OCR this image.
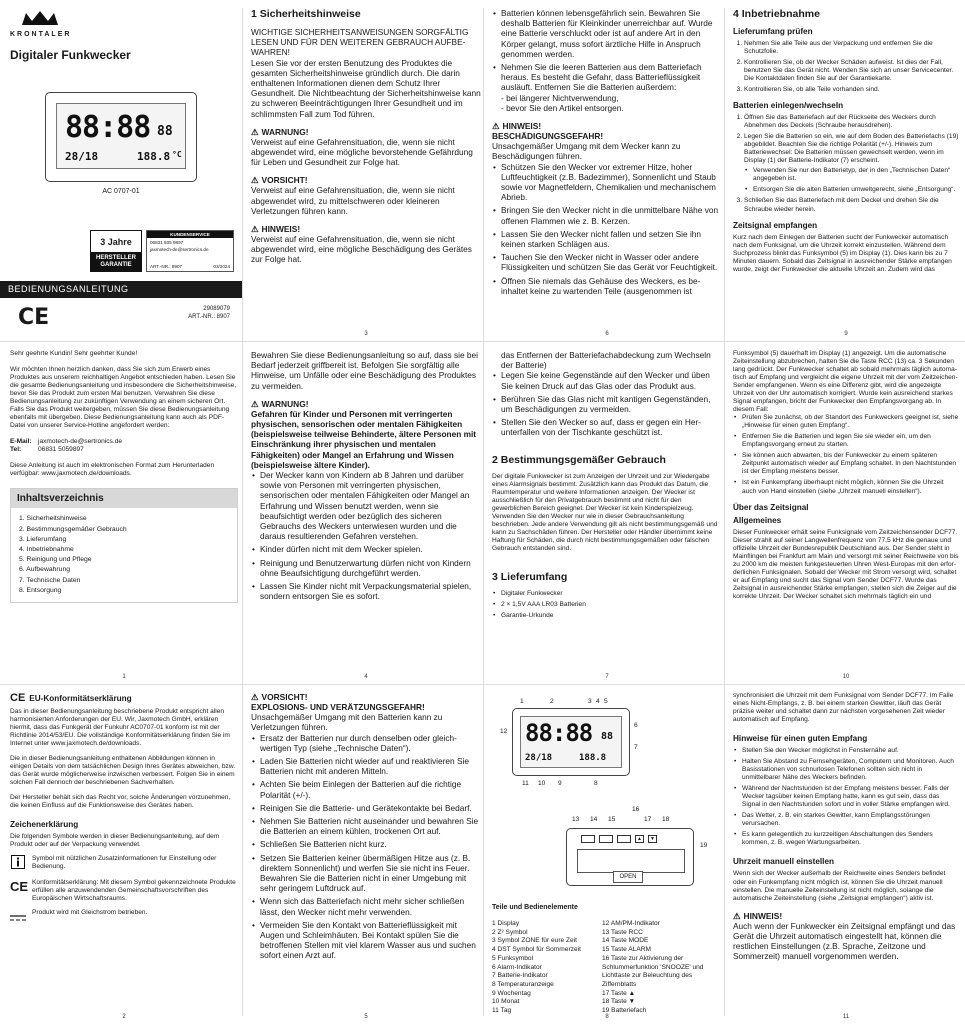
KRONTALER
Digitaler Funkwecker
88:88 88
28/18	188.8 °C
AC 0707-01
3 Jahre
HERSTELLER GARANTIE
KUNDENSERVICE
06831 505 9897
jaxmotech-de@sertronics.de
ART.-NR.: 8907	03/2024
BEDIENUNGSANLEITUNG
CE	29089079
ART.-NR.: 8907
1 Sicherheitshinweise
WICHTIGE SICHERHEITSANWEISUNGEN SORGFÄLTIG LESEN UND FÜR DEN WEITEREN GEBRAUCH AUFBEWAHREN!
Lesen Sie vor der ersten Benutzung des Produktes die gesamten Sicherheitshinweise gründlich durch. Die darin enthaltenen Informationen dienen dem Schutz Ihrer Gesundheit. Die Nichtbeachtung der Sicherheitshinweise kann zu schweren Beeinträchtigungen Ihrer Gesundheit und im schlimmsten Fall zum Tod führen.
⚠ WARNUNG!
Verweist auf eine Gefahrensituation, die, wenn sie nicht abgewendet wird, eine mögliche bevorstehende Gefährdung für Leben und Gesundheit zur Folge hat.
⚠ VORSICHT!
Verweist auf eine Gefahrensituation, die, wenn sie nicht abgewendet wird, zu mittelschweren oder kleineren Verletzungen führen kann.
⚠ HINWEIS!
Verweist auf eine Gefahrensituation, die, wenn sie nicht abgewendet wird, eine mögliche Beschädigung des Gerätes zur Folge hat.
3
• Batterien können lebensgefährlich sein. Bewahren Sie deshalb Batterien für Kleinkinder unerreichbar auf. Wurde eine Batterie verschluckt oder ist auf andere Art in den Körper gelangt, muss sofort ärztliche Hilfe in Anspruch genommen werden.
• Nehmen Sie die leeren Batterien aus dem Batteriefach heraus. Es besteht die Gefahr, dass Batterieflüssigkeit ausläuft. Entfernen Sie die Batterien außerdem:
- bei längerer Nichtverwendung,
- bevor Sie den Artikel entsorgen.
⚠ HINWEIS!
BESCHÄDIGUNGSGEFAHR!
Unsachgemäßer Umgang mit dem Wecker kann zu Beschädigungen führen.
• Schützen Sie den Wecker vor extremer Hitze, hoher Luftfeuchtigkeit (z.B. Badezimmer), Sonnenlicht und Staub sowie vor Magnetfeldern, Chemikalien und mechanischem Abrieb.
• Bringen Sie den Wecker nicht in die unmittelbare Nähe von offenen Flammen wie z. B. Kerzen.
• Lassen Sie den Wecker nicht fallen und setzen Sie ihn keinen starken Schlägen aus.
• Tauchen Sie den Wecker nicht in Wasser oder andere Flüssigkeiten und schützen Sie das Gerät vor Feuchtigkeit.
• Öffnen Sie niemals das Gehäuse des Weckers, es beinhaltet keine zu wartenden Teile (ausgenommen ist
6
4 Inbetriebnahme
Lieferumfang prüfen
1. Nehmen Sie alle Teile aus der Verpackung und entfernen Sie die Schutzfolie.
2. Kontrollieren Sie, ob der Wecker Schäden aufweist. Ist dies der Fall, benutzen Sie das Gerät nicht. Wenden Sie sich an unser Servicecenter. Die Kontaktdaten finden Sie auf der Garantiekarte.
3. Kontrollieren Sie, ob alle Teile vorhanden sind.
Batterien einlegen/wechseln
1. Öffnen Sie das Batteriefach auf der Rückseite des Weckers durch Abnehmen des Deckels (Schraube herausdrehen).
2. Legen Sie die Batterien so ein, wie auf dem Boden des Batteriefachs (19) abgebildet. Beachten Sie die richtige Polarität (+/-). Hinweis zum Batteriewechsel: Die Batterien müssen gewechselt werden, wenn im Display (1) der Batterie-Indikator (7) erscheint.
• Verwenden Sie nur den Batterietyp, der in den „Technischen Daten“ angegeben ist.
• Entsorgen Sie die alten Batterien umweltgerecht, siehe „Entsorgung“.
3. Schließen Sie das Batteriefach mit dem Deckel und drehen Sie die Schraube wieder herein.
Zeitsignal empfangen
Kurz nach dem Einlegen der Batterien sucht der Funkwecker automatisch nach dem Funksignal, um die Uhrzeit korrekt einzustellen. Während dem Suchprozess blinkt das Funksymbol (5) im Display (1). Dies kann bis zu 7 Minuten dauern. Sobald das Zeitsignal in ausreichender Stärke empfangen wurde, zeigt der Funkwecker die aktuelle Uhrzeit an. Zudem wird das
9
Sehr geehrte Kundin! Sehr geehrter Kunde!
Wir möchten Ihnen herzlich danken, dass Sie sich zum Erwerb eines Produktes aus unserem reichhaltigen Angebot entschieden haben. Lesen Sie die gesamte Bedienungsanleitung und insbesondere die Sicherheitshinweise, bevor Sie das Produkt zum ersten Mal benutzen. Verwahren Sie diese Bedienungsanleitung zur zukünftigen Verwendung an einem sicheren Ort. Falls Sie das Produkt weitergeben, müssen Sie diese Bedienungsanleitung ebenfalls mit übergeben. Diese Bedienungsanleitung kann auch als PDF-Datei von unserer Service-Hotline angefordert werden:
E-Mail: jaxmotech-de@sertronics.de
Tel:	06831 5059897
Diese Anleitung ist auch im elektronischen Format zum Herunterladen verfügbar: www.jaxmotech.de/downloads.
Inhaltsverzeichnis
1. Sicherheitshinweise
2. Bestimmungsgemäßer Gebrauch
3. Lieferumfang
4. Inbetriebnahme
5. Reinigung und Pflege
6. Aufbewahrung
7. Technische Daten
8. Entsorgung
1
Bewahren Sie diese Bedienungsanleitung so auf, dass sie bei Bedarf jederzeit griffbereit ist. Befolgen Sie sorgfältig alle Hinweise, um Unfälle oder eine Beschädigung des Produktes zu vermeiden.
⚠ WARNUNG!
Gefahren für Kinder und Personen mit verringerten physischen, sensorischen oder mentalen Fähigkeiten (beispielsweise teilweise Behinderte, ältere Personen mit Einschränkung ihrer physischen und mentalen Fähigkeiten) oder Mangel an Erfahrung und Wissen (beispielsweise ältere Kinder).
• Der Wecker kann von Kindern ab 8 Jahren und darüber sowie von Personen mit verringerten physischen, sensorischen oder mentalen Fähigkeiten oder Mangel an Erfahrung und Wissen benutzt werden, wenn sie beaufsichtigt werden oder bezüglich des sicheren Gebrauchs des Weckers unterwiesen wurden und die daraus resultierenden Gefahren verstehen.
• Kinder dürfen nicht mit dem Wecker spielen.
• Reinigung und Benutzerwartung dürfen nicht von Kindern ohne Beaufsichtigung durchgeführt werden.
• Lassen Sie Kinder nicht mit Verpackungsmaterial spielen, sondern entsorgen Sie es sofort.
4
das Entfernen der Batteriefachabdeckung zum Wechseln der Batterie)
• Legen Sie keine Gegenstände auf den Wecker und üben Sie keinen Druck auf das Glas oder das Produkt aus.
• Berühren Sie das Glas nicht mit kantigen Gegenständen, um Beschädigungen zu vermeiden.
• Stellen Sie den Wecker so auf, dass er gegen ein Herunterfallen von der Tischkante geschützt ist.
2 Bestimmungsgemäßer Gebrauch
Der digitale Funkwecker ist zum Anzeigen der Uhrzeit und zur Wiedergabe eines Alarmsignals bestimmt. Zusätzlich kann das Produkt das Datum, die Raumtemperatur und weitere Informationen anzeigen. Der Wecker ist ausschließlich für den Privatgebrauch bestimmt und nicht für den gewerblichen Bereich geeignet. Der Wecker ist kein Kinderspielzeug. Verwenden Sie den Wecker nur wie in dieser Gebrauchsanleitung beschrieben. Jede andere Verwendung gilt als nicht bestimmungsgemäß und kann zu Sachschäden führen. Der Hersteller oder Händler übernimmt keine Haftung für Schäden, die durch nicht bestimmungsgemäßen oder falschen Gebrauch entstanden sind.
3 Lieferumfang
• Digitaler Funkwecker
• 2 × 1,5V AAA LR03 Batterien
• Garantie-Urkunde
7
Funksymbol (5) dauerhaft im Display (1) angezeigt. Um die automatische Zeiteinstellung abzubrechen, halten Sie die Taste RCC (13) ca. 3 Sekunden lang gedrückt. Der Funkwecker schaltet ab sobald mehrmals täglich automatisch auf Empfang und vergleicht die eigene Uhrzeit mit der vom Zeitzeichen-Sender empfangenen. Wenn es eine Differenz gibt, wird die angezeigte Uhrzeit von der Uhr automatisch korrigiert. Wurde kein ausreichend starkes Signal empfangen, bricht der Funkwecker den Empfangsvorgang ab. In diesem Fall:
• Prüfen Sie zunächst, ob der Standort des Funkweckers geeignet ist, siehe „Hinweise für einen guten Empfang“.
• Entfernen Sie die Batterien und legen Sie sie wieder ein, um den Empfangsvorgang erneut zu starten.
• Sie können auch abwarten, bis der Funkwecker zu einem späteren Zeitpunkt automatisch wieder auf Empfang schaltet. In den Nachtstunden ist der Empfang meistens besser.
• Ist ein Funkempfang überhaupt nicht möglich, können Sie die Uhrzeit auch von Hand einstellen (siehe „Uhrzeit manuell einstellen“).
Über das Zeitsignal
Allgemeines
Dieser Funkwecker erhält seine Funksignale vom Zeitzeichensender DCF77. Dieser strahlt auf seiner Langwellenfrequenz von 77,5 kHz die genaue und offizielle Uhrzeit der Bundesrepublik Deutschland aus. Der Sender steht in Mainflingen bei Frankfurt am Main und versorgt mit seiner Reichweite von bis zu 2000 km die meisten funkgesteuerten Uhren West-Europas mit den erforderlichen Funksignalen. Sobald der Wecker mit Strom versorgt wird, schaltet er auf Empfang und sucht das Signal vom Sender DCF77. Wurde das Zeitsignal in ausreichender Stärke empfangen, stellen sich die Zeiger auf die korrekte Uhrzeit. Der Wecker schaltet sich mehrmals täglich ein und
10
CE EU-Konformitätserklärung
Das in dieser Bedienungsanleitung beschriebene Produkt entspricht allen harmonisierten Anforderungen der EU. Wir, Jaxmotech GmbH, erklären hiermit, dass das Funkgerät der Funkuhr AC0707-01 konform ist mit der Richtlinie 2014/53/EU. Die vollständige Konformitätserklärung finden Sie im Internet unter www.jaxmotech.de/downloads.
Die in dieser Bedienungsanleitung enthaltenen Abbildungen können in einigen Details von dem tatsächlichen Design Ihres Gerätes abweichen, bzw. das Gerät wurde möglicherweise inzwischen verbessert. Folgen Sie in einem solchen Fall dennoch der beschriebenen Sachverhalten.
Der Hersteller behält sich das Recht vor, solche Änderungen vorzunehmen, die keinen Einfluss auf die Funktionsweise des Gerätes haben.
Zeichenerklärung
Die folgenden Symbole werden in dieser Bedienungsanleitung, auf dem Produkt oder auf der Verpackung verwendet.
Symbol mit nützlichen Zusatzinformationen fur Einstellung oder Bedienung.
CE Konformitätserklärung: Mit diesem Symbol gekennzeichnete Produkte erfüllen alle anzuwendenden Gemeinschaftsvorschriften des Europäischen Wirtschaftsraums.
Produkt wird mit Gleichstrom betrieben.
2
⚠ VORSICHT!
EXPLOSIONS- UND VERÄTZUNGSGEFAHR!
Unsachgemäßer Umgang mit den Batterien kann zu Verletzungen führen.
• Ersatz der Batterien nur durch denselben oder gleichwertigen Typ (siehe „Technische Daten“).
• Laden Sie Batterien nicht wieder auf und reaktivieren Sie Batterien nicht mit anderen Mitteln.
• Achten Sie beim Einlegen der Batterien auf die richtige Polarität (+/-).
• Reinigen Sie die Batterie- und Gerätekontakte bei Bedarf.
• Nehmen Sie Batterien nicht auseinander und bewahren Sie die Batterien an einem kühlen, trockenen Ort auf.
• Schließen Sie Batterien nicht kurz.
• Setzen Sie Batterien keiner übermäßigen Hitze aus (z. B. direktem Sonnenlicht) und werfen Sie sie nicht ins Feuer. Bewahren Sie die Batterien nicht in einer Umgebung mit sehr geringem Luftdruck auf.
• Wenn sich das Batteriefach nicht mehr sicher schließen lässt, den Wecker nicht mehr verwenden.
• Vermeiden Sie den Kontakt von Batterieflüssigkeit mit Augen und Schleimhäuten. Bei Kontakt spülen Sie die betroffenen Stellen mit viel klarem Wasser aus und suchen sofort einen Arzt auf.
5
88:88 88
28/18	188.8
1	2	3 4 5
6
7
8
9
10
11
12
▲	▼
OPEN
13 14 15
16
17 18
19
Teile und Bedienelemente
1 Display
2 Z² Symbol
3 Symbol ZONE für eure Zeit
4 DST Symbol für Sommerzeit
5 Funksymbol
6 Alarm-Indikator
7 Batterie-Indikator
8 Temperaturanzeige
9 Wochentag
10 Monat
11 Tag
12 AM/PM-Indikator
13 Taste RCC
14 Taste MODE
15 Taste ALARM
16 Taste zur Aktivierung der Schlummerfunktion 'SNOOZE' und Lichttaste zur Beleuchtung des Ziffernblatts
17 Taste ▲
18 Taste ▼
19 Batteriefach
8
synchronisiert die Uhrzeit mit dem Funksignal vom Sender DCF77. Im Falle eines Nicht-Empfangs, z. B. bei einem starken Gewitter, läuft das Gerät präzise weiter und schaltet dann zur nächsten vorgesehenen Zeit wieder automatisch auf Empfang.
Hinweise für einen guten Empfang
• Stellen Sie den Wecker möglichst in Fensternähe auf.
• Halten Sie Abstand zu Fernsehgeräten, Computern und Monitoren. Auch Basisstationen von schnurlosen Telefonen sollten sich nicht in unmittelbarer Nähe des Weckers befinden.
• Während der Nachtstunden ist der Empfang meistens besser. Falls der Wecker tagsüber keinen Empfang hatte, kann es gut sein, dass das Signal in den Nachtstunden sofort und in voller Stärke empfangen wird.
• Das Wetter, z. B. ein starkes Gewitter, kann Empfangsstörungen verursachen.
• Es kann gelegentlich zu kurzzeitigen Abschaltungen des Senders kommen, z. B. wegen Wartungsarbeiten.
Uhrzeit manuell einstellen
Wenn sich der Wecker außerhalb der Reichweite eines Senders befindet oder ein Funkempfang nicht möglich ist, können Sie die Uhrzeit manuell einstellen. Die manuelle Zeiteinstellung ist nicht möglich, solange die automatische Zeiteinstellung (siehe „Zeitsignal empfangen“) aktiv ist.
⚠ HINWEIS!
Auch wenn der Funkwecker ein Zeitsignal empfängt und das Gerät die Uhrzeit automatisch eingestellt hat, können die restlichen Einstellungen (z.B. Sprache, Zeitzone und Sommerzeit) manuell vorgenommen werden.
11
